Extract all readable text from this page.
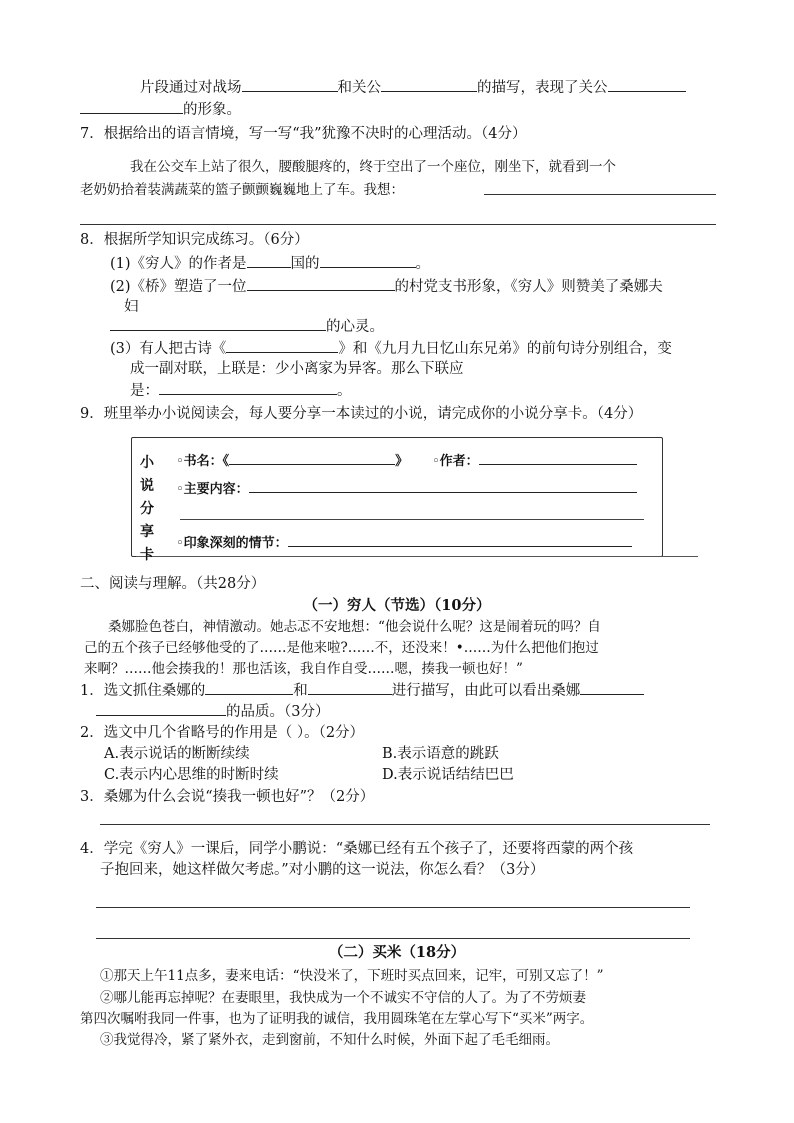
片段通过对战场	和关公	的描写，表现了关公
的形象。
7．根据给出的语言情境，写一写“我”犹豫不决时的心理活动。（4分）
我在公交车上站了很久，腰酸腿疼的，终于空出了一个座位，刚坐下，就看到一个
老奶奶拾着装满蔬菜的篮子颤颤巍巍地上了车。我想：
8．根据所学知识完成练习。（6分）
(1)《穷人》的作者是	国的	。
(2)《桥》塑造了一位	的村党支书形象，《穷人》则赞美了桑娜夫
妇
的心灵。
(3）有人把古诗《	》和《九月九日忆山东兄弟》的前句诗分别组合，变
成一副对联，上联是：少小离家为异客。那么下联应
是：	。
9．班里举办小说阅读会，每人要分享一本读过的小说，请完成你的小说分享卡。（4分）
小说分享卡
◦书名：《	》 ◦作者：
◦主要内容：
◦印象深刻的情节：
二、阅读与理解。（共28分）
（一）穷人（节选）（10分）
桑娜脸色苍白，神情激动。她忐忑不安地想：“他会说什么呢？这是闹着玩的吗？自
己的五个孩子已经够他受的了……是他来啦?……不，还没来！•……为什么把他们抱过
来啊？……他会揍我的！那也活该，我自作自受……嗯，揍我一顿也好！”
1．选文抓住桑娜的	和	进行描写，由此可以看出桑娜
的品质。（3分）
2．选文中几个省略号的作用是（ ）。（2分）
A.表示说话的断断续续	B.表示语意的跳跃
C.表示内心思维的时断时续	D.表示说话结结巴巴
3．桑娜为什么会说“揍我一顿也好”？（2分）
4．学完《穷人》一课后，同学小鹏说：“桑娜已经有五个孩子了，还要将西蒙的两个孩
子抱回来，她这样做欠考虑。”对小鹏的这一说法，你怎么看？（3分）
（二）买米（18分）
①那天上午11点多，妻来电话：“快没米了，下班时买点回来，记牢，可别又忘了！”
②哪儿能再忘掉呢？在妻眼里，我快成为一个不诚实不守信的人了。为了不劳烦妻
第四次嘱咐我同一件事，也为了证明我的诚信，我用圆珠笔在左掌心写下“买米”两字。
③我觉得冷，紧了紧外衣，走到窗前，不知什么时候，外面下起了毛毛细雨。
